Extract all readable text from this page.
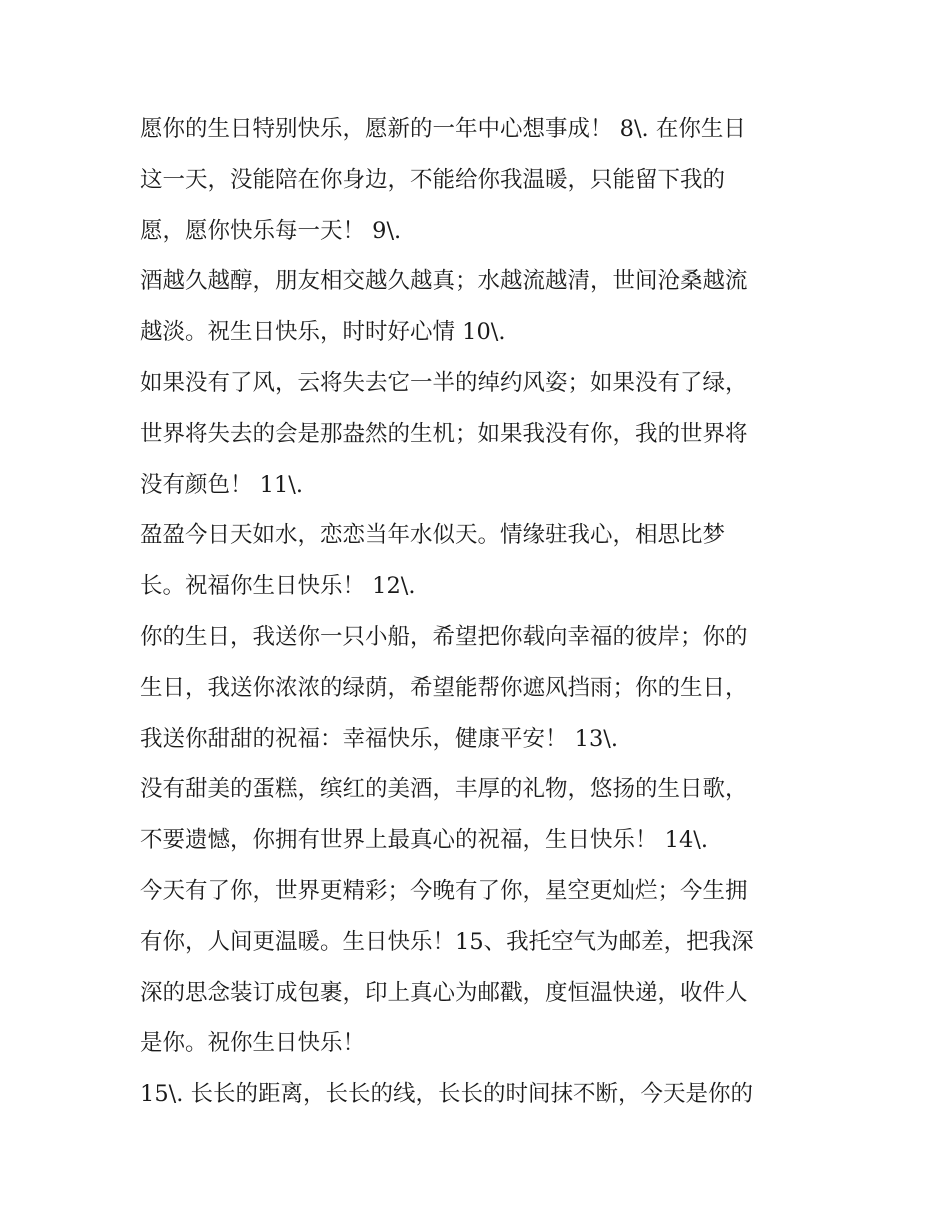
愿你的生日特别快乐，愿新的一年中心想事成！ 8\. 在你生日
这一天，没能陪在你身边，不能给你我温暖，只能留下我的
愿，愿你快乐每一天！ 9\.
酒越久越醇，朋友相交越久越真；水越流越清，世间沧桑越流
越淡。祝生日快乐，时时好心情 10\.
如果没有了风，云将失去它一半的绰约风姿；如果没有了绿，
世界将失去的会是那盎然的生机；如果我没有你，我的世界将
没有颜色！ 11\.
盈盈今日天如水，恋恋当年水似天。情缘驻我心，相思比梦
长。祝福你生日快乐！ 12\.
你的生日，我送你一只小船，希望把你载向幸福的彼岸；你的
生日，我送你浓浓的绿荫，希望能帮你遮风挡雨；你的生日，
我送你甜甜的祝福：幸福快乐，健康平安！ 13\.
没有甜美的蛋糕，缤红的美酒，丰厚的礼物，悠扬的生日歌，
不要遗憾，你拥有世界上最真心的祝福，生日快乐！ 14\.
今天有了你，世界更精彩；今晚有了你，星空更灿烂；今生拥
有你，人间更温暖。生日快乐！15、我托空气为邮差，把我深
深的思念装订成包裹，印上真心为邮戳，度恒温快递，收件人
是你。祝你生日快乐！
15\. 长长的距离，长长的线，长长的时间抹不断，今天是你的
